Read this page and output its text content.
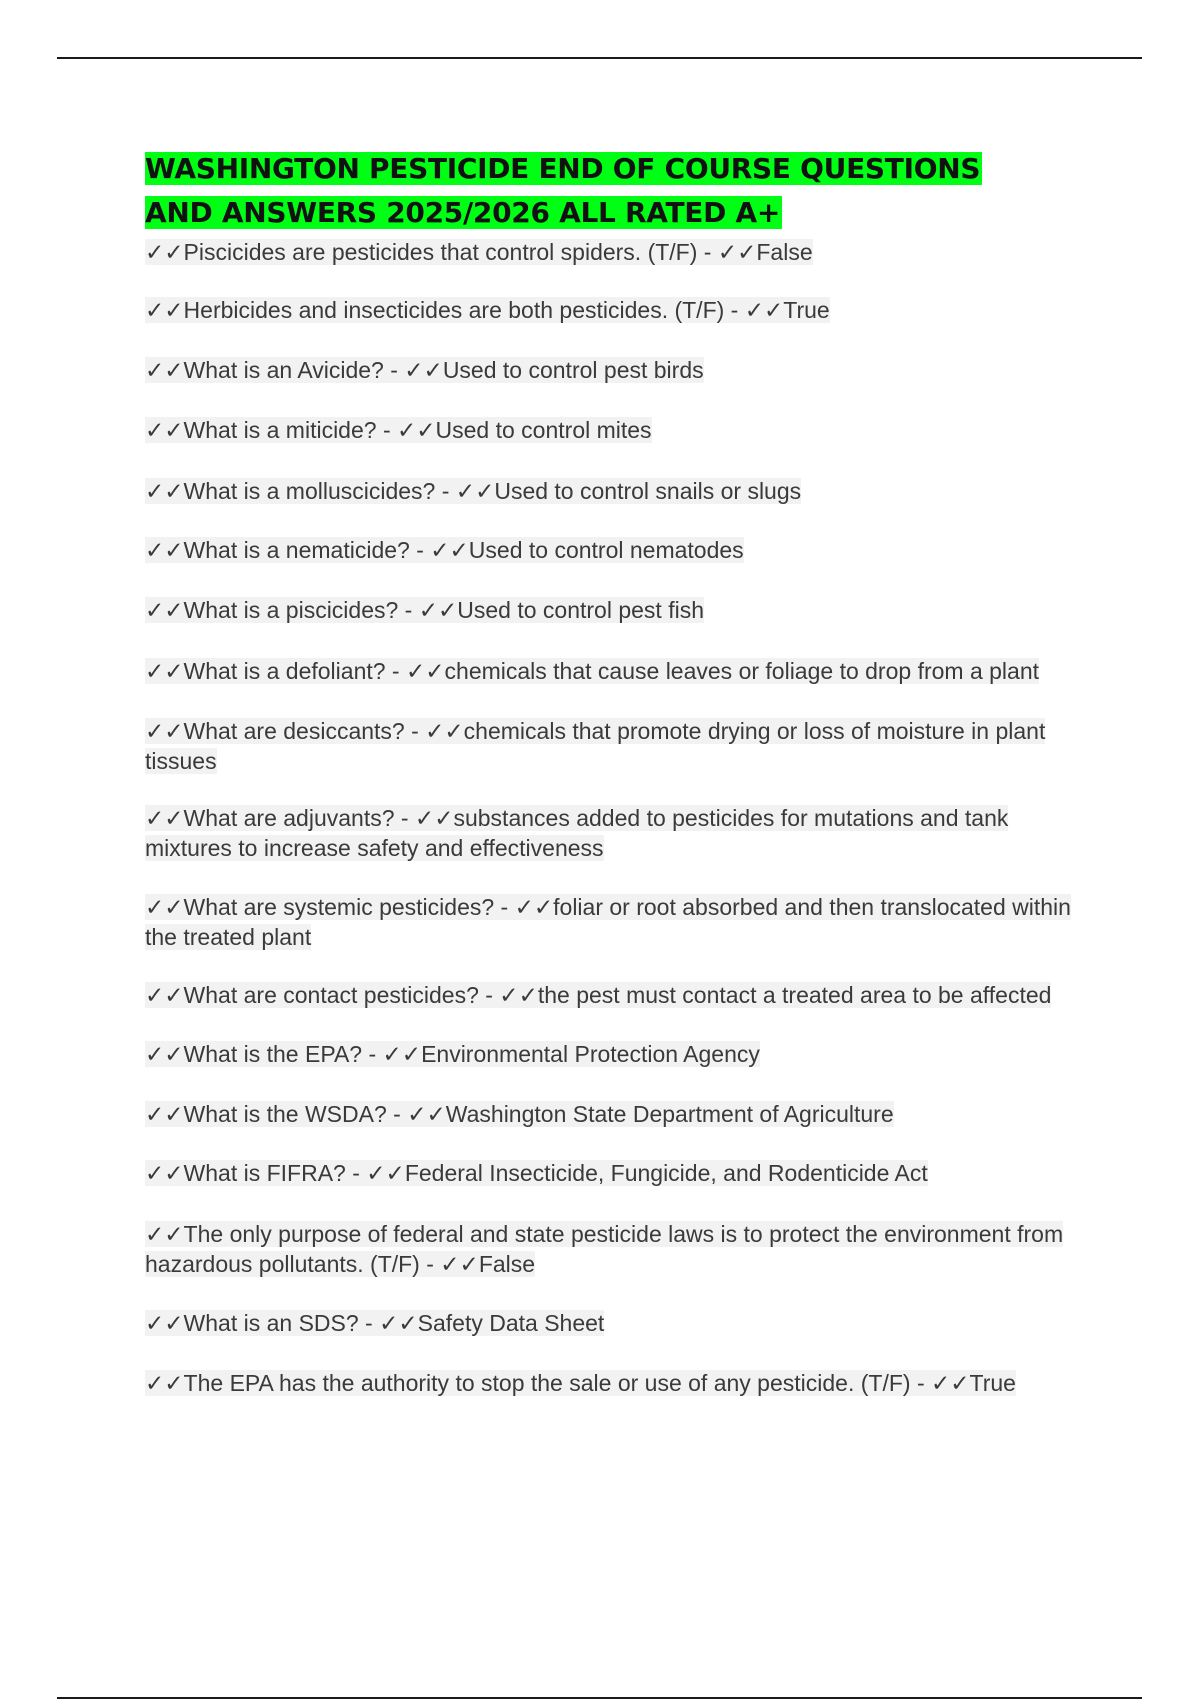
WASHINGTON PESTICIDE END OF COURSE QUESTIONS
AND ANSWERS 2025/2026 ALL RATED A+
✓✓Piscicides are pesticides that control spiders. (T/F) - ✓✓False
✓✓Herbicides and insecticides are both pesticides. (T/F) - ✓✓True
✓✓What is an Avicide? - ✓✓Used to control pest birds
✓✓What is a miticide? - ✓✓Used to control mites
✓✓What is a molluscicides? - ✓✓Used to control snails or slugs
✓✓What is a nematicide? - ✓✓Used to control nematodes
✓✓What is a piscicides? - ✓✓Used to control pest fish
✓✓What is a defoliant? - ✓✓chemicals that cause leaves or foliage to drop from a plant
✓✓What are desiccants? - ✓✓chemicals that promote drying or loss of moisture in plant tissues
✓✓What are adjuvants? - ✓✓substances added to pesticides for mutations and tank mixtures to increase safety and effectiveness
✓✓What are systemic pesticides? - ✓✓foliar or root absorbed and then translocated within the treated plant
✓✓What are contact pesticides? - ✓✓the pest must contact a treated area to be affected
✓✓What is the EPA? - ✓✓Environmental Protection Agency
✓✓What is the WSDA? - ✓✓Washington State Department of Agriculture
✓✓What is FIFRA? - ✓✓Federal Insecticide, Fungicide, and Rodenticide Act
✓✓The only purpose of federal and state pesticide laws is to protect the environment from hazardous pollutants. (T/F) - ✓✓False
✓✓What is an SDS? - ✓✓Safety Data Sheet
✓✓The EPA has the authority to stop the sale or use of any pesticide. (T/F) - ✓✓True
